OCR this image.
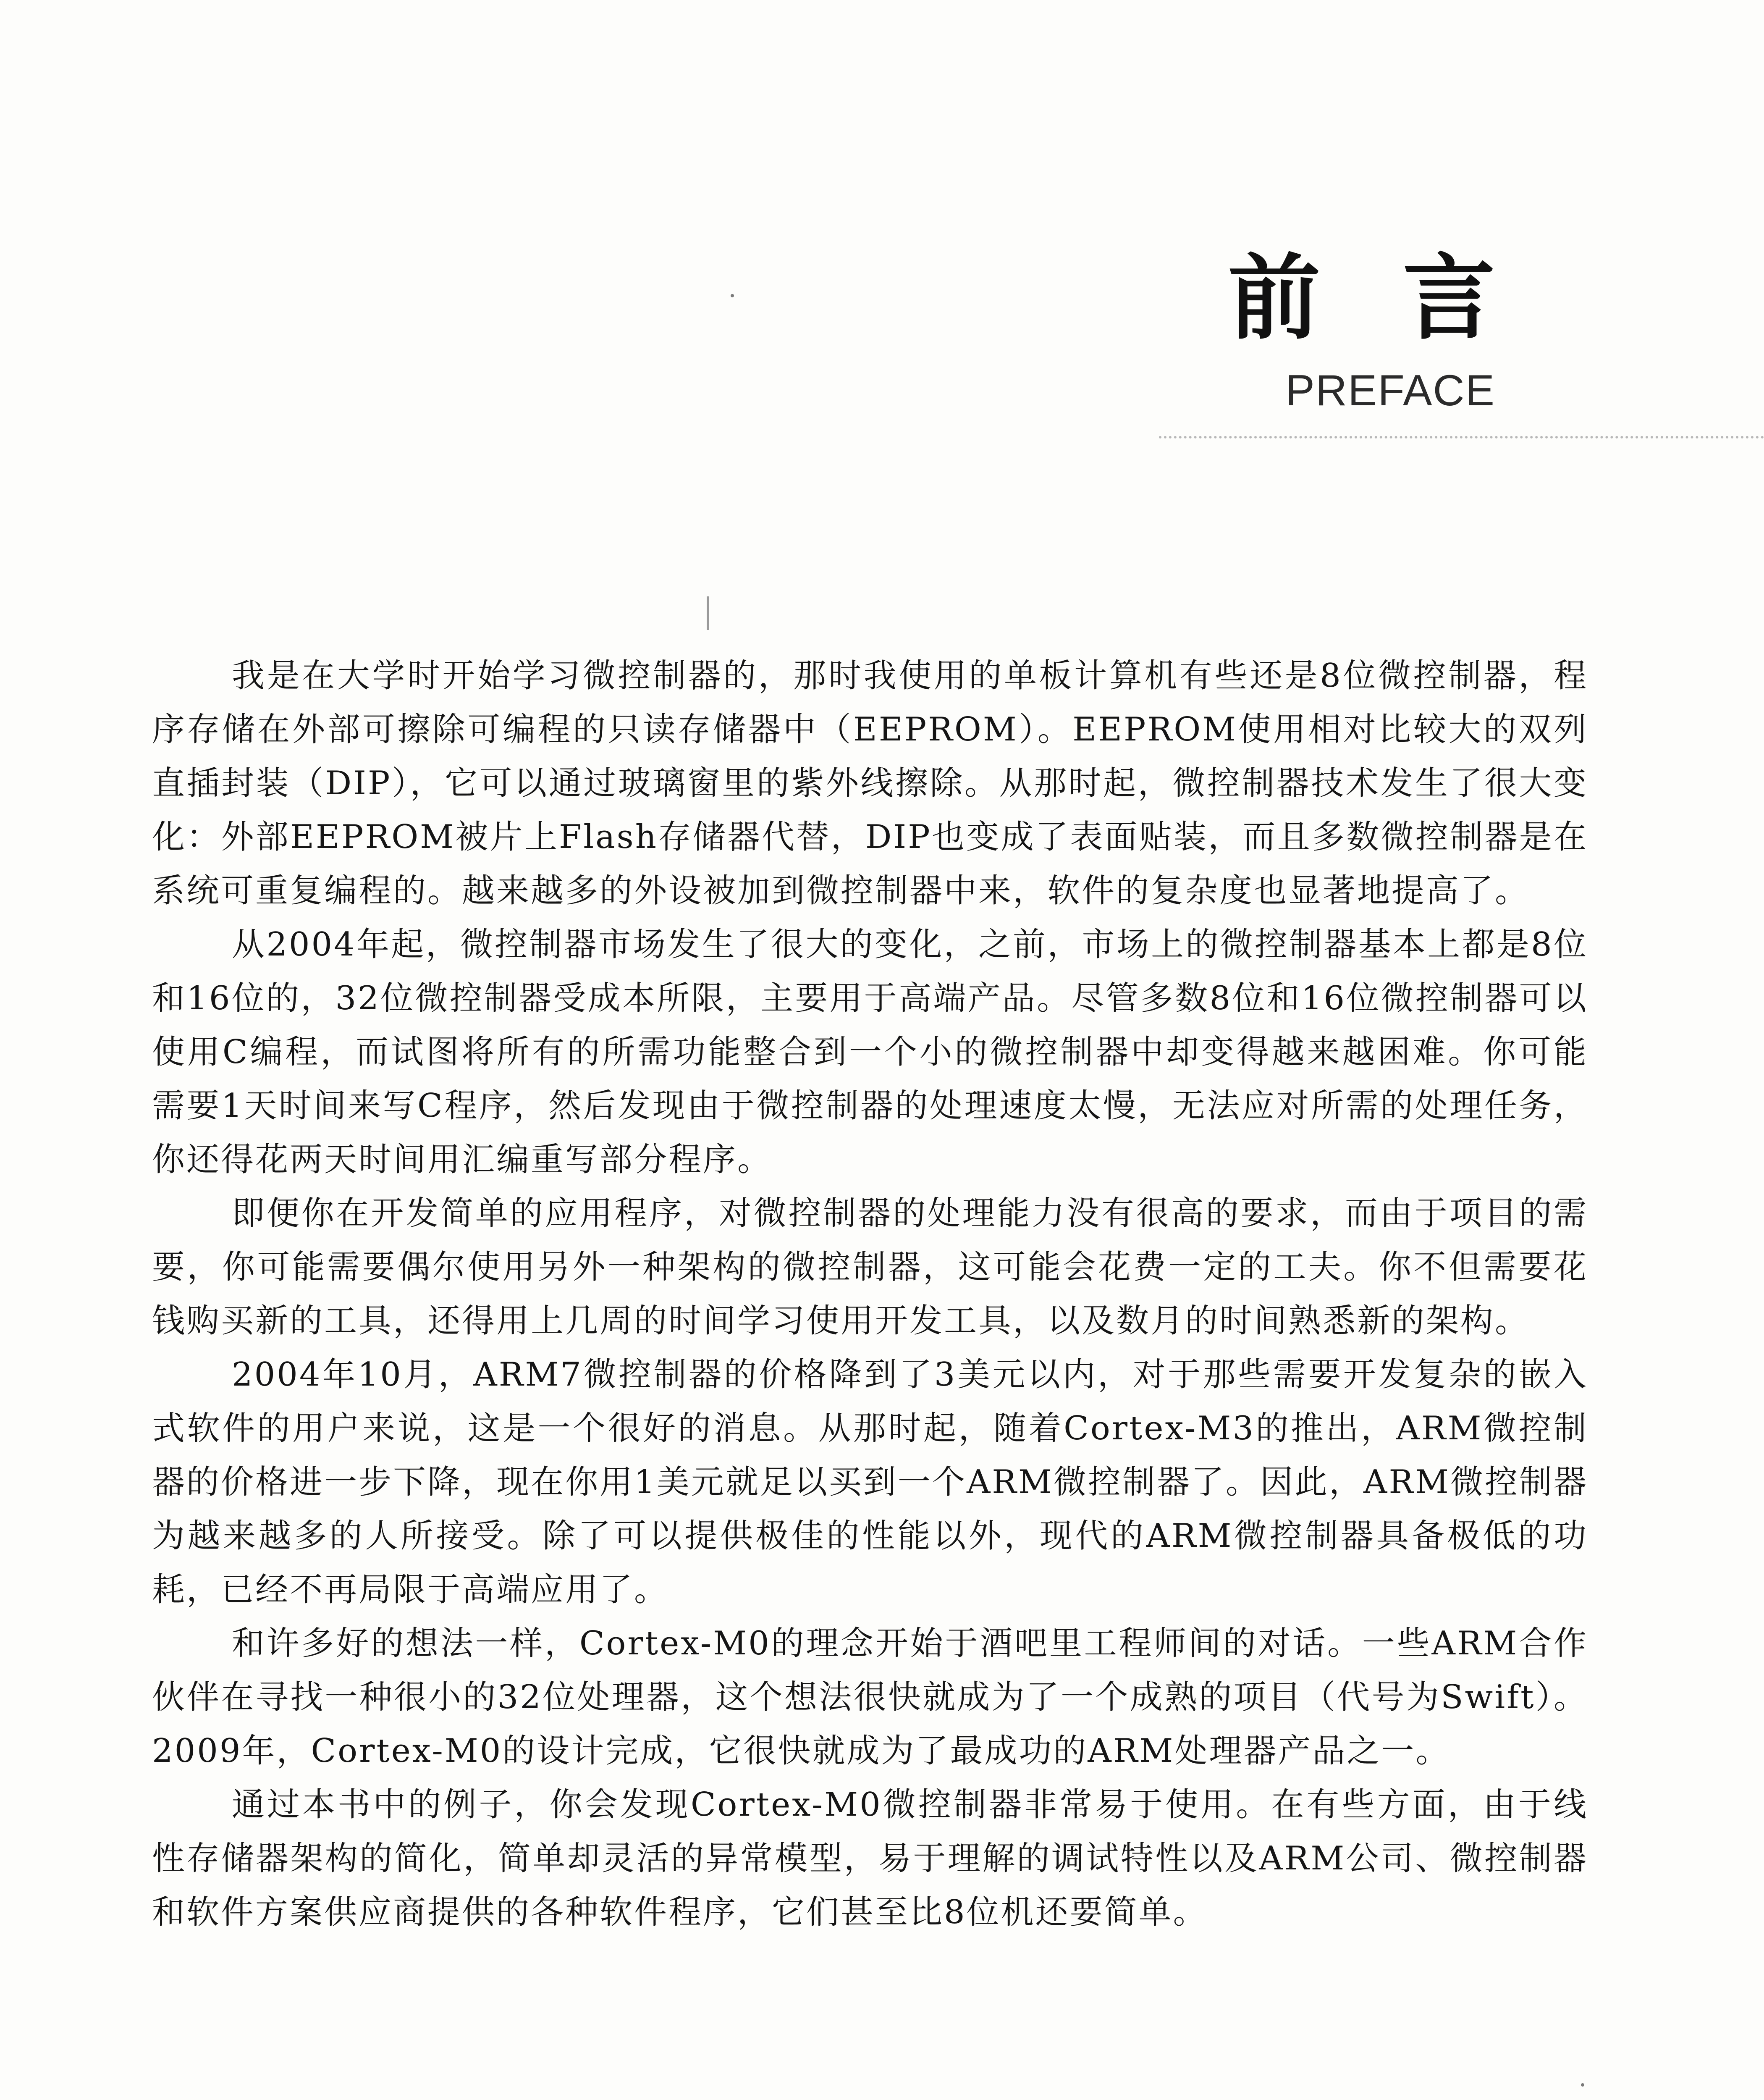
前 言
PREFACE

我是在大学时开始学习微控制器的，那时我使用的单板计算机有些还是8位微控制器，程序存储在外部可擦除可编程的只读存储器中（EEPROM）。EEPROM使用相对比较大的双列直插封装（DIP），它可以通过玻璃窗里的紫外线擦除。从那时起，微控制器技术发生了很大变化：外部EEPROM被片上Flash存储器代替，DIP也变成了表面贴装，而且多数微控制器是在系统可重复编程的。越来越多的外设被加到微控制器中来，软件的复杂度也显著地提高了。

从2004年起，微控制器市场发生了很大的变化，之前，市场上的微控制器基本上都是8位和16位的，32位微控制器受成本所限，主要用于高端产品。尽管多数8位和16位微控制器可以使用C编程，而试图将所有的所需功能整合到一个小的微控制器中却变得越来越困难。你可能需要1天时间来写C程序，然后发现由于微控制器的处理速度太慢，无法应对所需的处理任务，你还得花两天时间用汇编重写部分程序。

即便你在开发简单的应用程序，对微控制器的处理能力没有很高的要求，而由于项目的需要，你可能需要偶尔使用另外一种架构的微控制器，这可能会花费一定的工夫。你不但需要花钱购买新的工具，还得用上几周的时间学习使用开发工具，以及数月的时间熟悉新的架构。

2004年10月，ARM7微控制器的价格降到了3美元以内，对于那些需要开发复杂的嵌入式软件的用户来说，这是一个很好的消息。从那时起，随着Cortex-M3的推出，ARM微控制器的价格进一步下降，现在你用1美元就足以买到一个ARM微控制器了。因此，ARM微控制器为越来越多的人所接受。除了可以提供极佳的性能以外，现代的ARM微控制器具备极低的功耗，已经不再局限于高端应用了。

和许多好的想法一样，Cortex-M0的理念开始于酒吧里工程师间的对话。一些ARM合作伙伴在寻找一种很小的32位处理器，这个想法很快就成为了一个成熟的项目（代号为Swift）。2009年，Cortex-M0的设计完成，它很快就成为了最成功的ARM处理器产品之一。

通过本书中的例子，你会发现Cortex-M0微控制器非常易于使用。在有些方面，由于线性存储器架构的简化，简单却灵活的异常模型，易于理解的调试特性以及ARM公司、微控制器和软件方案供应商提供的各种软件程序，它们甚至比8位机还要简单。
